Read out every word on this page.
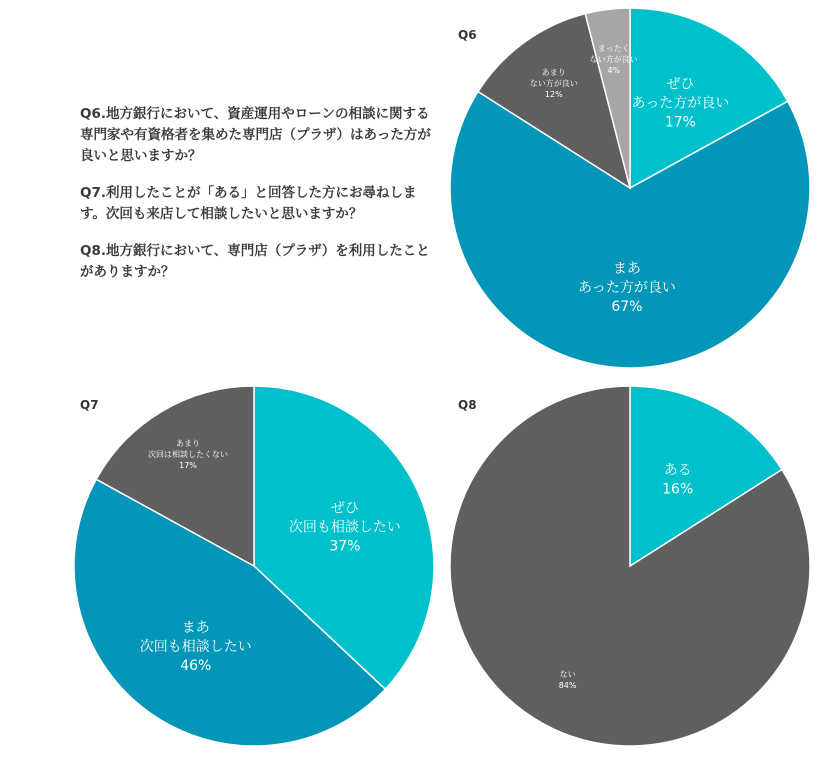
Q6.地方銀行において、資産運用やローンの相談に関する専門家や有資格者を集めた専門店（プラザ）はあった方が良いと思いますか？

Q7.利用したことが「ある」と回答した方にお尋ねします。次回も来店して相談したいと思いますか？

Q8.地方銀行において、専門店（プラザ）を利用したことがありますか？

Q6
Q7	Q8
ぜひあった方が良い 17%
まああった方が良い 67%
あまりない方が良い 12%
まったくない方が良い 4%
ぜひ次回も相談したい 37%
まあ次回も相談したい 46%
あまり次回は相談したくない 17%	ある 16%
ない 84%
